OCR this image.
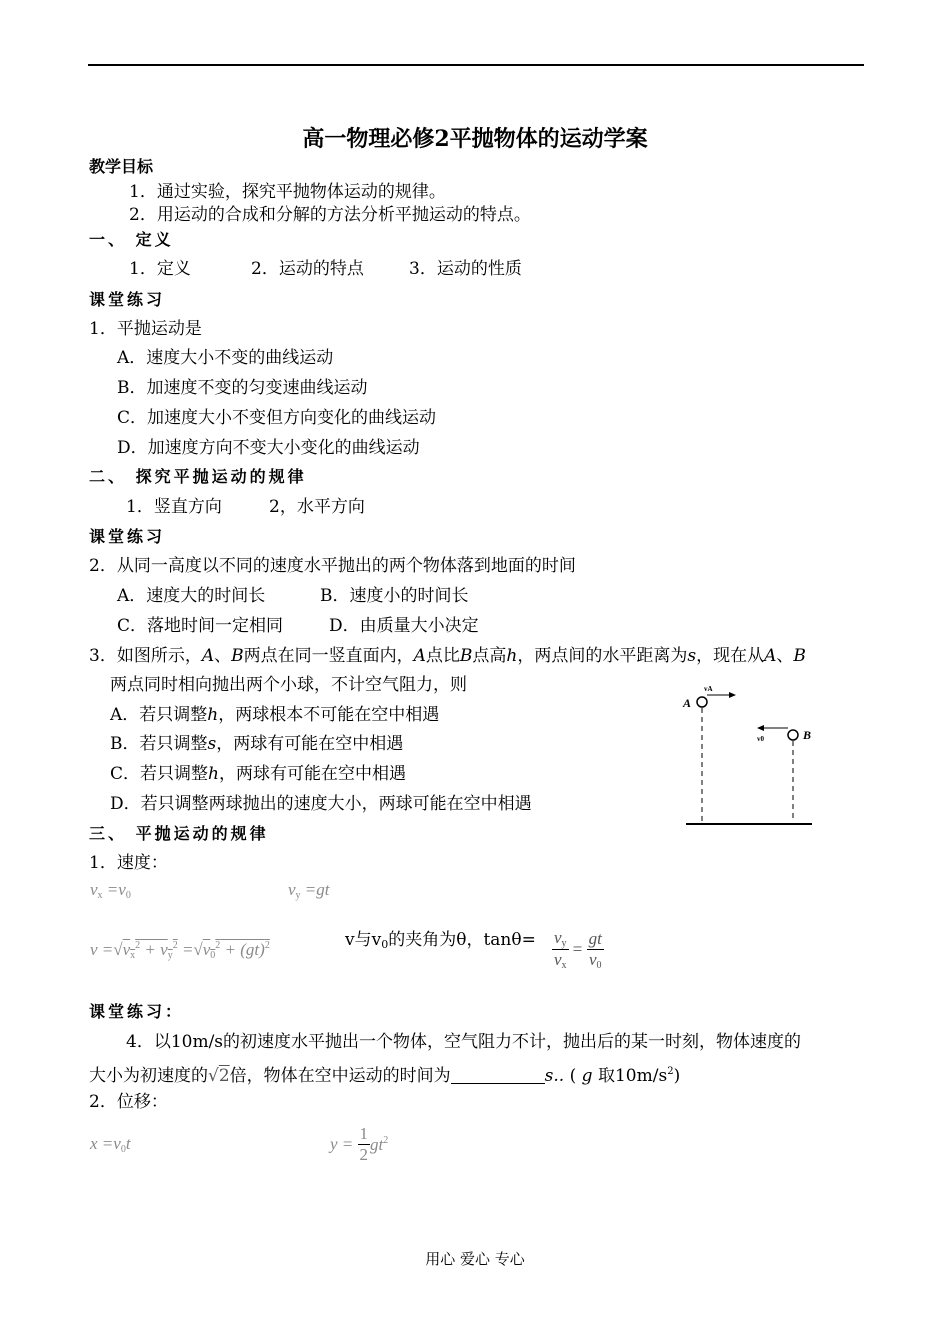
高一物理必修2平抛物体的运动学案
教学目标
1．通过实验，探究平抛物体运动的规律。
2．用运动的合成和分解的方法分析平抛运动的特点。
一、 定义
1．定义	2．运动的特点	3．运动的性质
课堂练习
1．平抛运动是
A．速度大小不变的曲线运动
B．加速度不变的匀变速曲线运动
C．加速度大小不变但方向变化的曲线运动
D．加速度方向不变大小变化的曲线运动
二、 探究平抛运动的规律
1．竖直方向	2，水平方向
课堂练习
2．从同一高度以不同的速度水平抛出的两个物体落到地面的时间
A．速度大的时间长	B．速度小的时间长
C．落地时间一定相同	D．由质量大小决定
3．如图所示，A、B两点在同一竖直面内，A点比B点高h，两点间的水平距离为s，现在从A、B
两点同时相向抛出两个小球，不计空气阻力，则
A．若只调整h，两球根本不可能在空中相遇
B．若只调整s，两球有可能在空中相遇
C．若只调整h，两球有可能在空中相遇
D．若只调整两球抛出的速度大小，两球可能在空中相遇
A
vA
v0	B
三、 平抛运动的规律
1．速度：
$v_x =v_0$	$v_y =gt$
$v =√v_x^2 + v_y^2 =√v_0^2 + (gt)^2$	v与v0的夹角为θ，$\tan\theta= \frac{v_y}{v_x} = \frac{gt}{v_0}$
课堂练习：
4．以10m/s的初速度水平抛出一个物体，空气阻力不计，抛出后的某一时刻，物体速度的
大小为初速度的√2倍，物体在空中运动的时间为	s.. ( g 取$10m/s^2$)
2．位移：
$x =v_0t$	$y = \frac{1}{2} gt^2$
用心 爱心 专心
